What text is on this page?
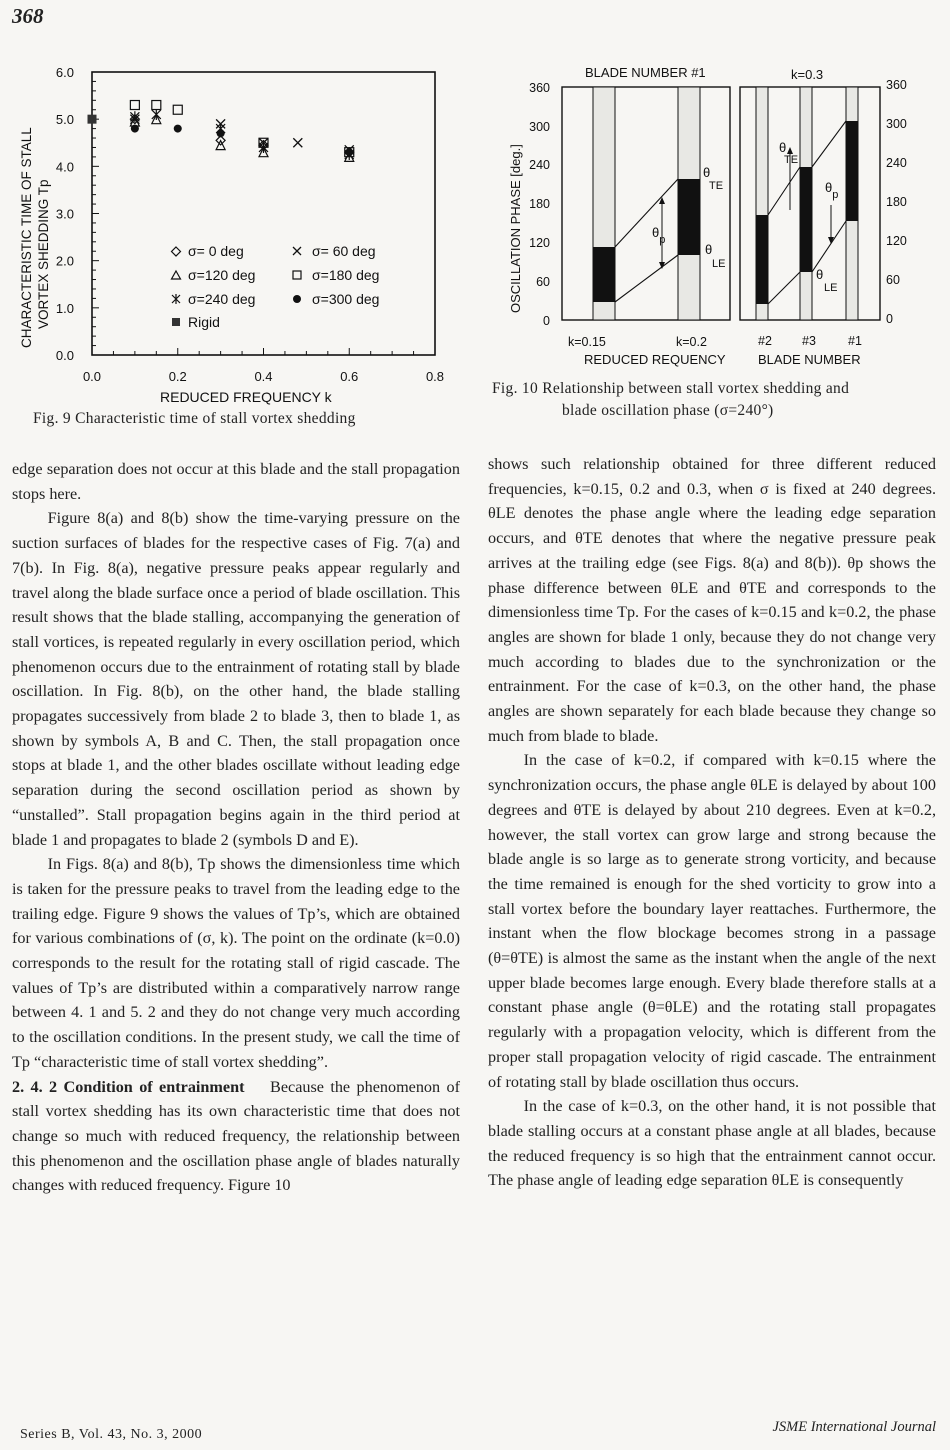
368
0.0
1.0
2.0
3.0
4.0
5.0
6.0
0.0	0.2	0.4	0.6	0.8
CHARACTERISTIC TIME OF STALL VORTEX SHEDDING Tp
REDUCED FREQUENCY k
σ= 0 deg	σ= 60 deg
σ=120 deg	σ=180 deg
σ=240 deg	σ=300 deg
Rigid
Fig. 9 Characteristic time of stall vortex shedding
BLADE NUMBER #1	k=0.3
OSCILLATION PHASE [deg.]
0
60
120
180
240
300
360
0
60
120
180
240
300
360
$\theta_p$
θ
TE
θ
LE
θ
TE
$\theta_p$
θ
LE
k=0.15	k=0.2	#2 #3	#1
REDUCED REQUENCY BLADE NUMBER
Fig. 10 Relationship between stall vortex shedding and
blade oscillation phase (σ=240°)

edge separation does not occur at this blade and the stall propagation stops here.

Figure 8(a) and 8(b) show the time-varying pressure on the suction surfaces of blades for the respective cases of Fig. 7(a) and 7(b). In Fig. 8(a), negative pressure peaks appear regularly and travel along the blade surface once a period of blade oscillation. This result shows that the blade stalling, accompanying the generation of stall vortices, is repeated regularly in every oscillation period, which phenomenon occurs due to the entrainment of rotating stall by blade oscillation. In Fig. 8(b), on the other hand, the blade stalling propagates successively from blade 2 to blade 3, then to blade 1, as shown by symbols A, B and C. Then, the stall propagation once stops at blade 1, and the other blades oscillate without leading edge separation during the second oscillation period as shown by “unstalled”. Stall propagation begins again in the third period at blade 1 and propagates to blade 2 (symbols D and E).

In Figs. 8(a) and 8(b), Tp shows the dimensionless time which is taken for the pressure peaks to travel from the leading edge to the trailing edge. Figure 9 shows the values of Tp’s, which are obtained for various combinations of (σ, k). The point on the ordinate (k=0.0) corresponds to the result for the rotating stall of rigid cascade. The values of Tp’s are distributed within a comparatively narrow range between 4. 1 and 5. 2 and they do not change very much according to the oscillation conditions. In the present study, we call the time of Tp “characteristic time of stall vortex shedding”.

2. 4. 2 Condition of entrainment Because the phenomenon of stall vortex shedding has its own characteristic time that does not change so much with reduced frequency, the relationship between this phenomenon and the oscillation phase angle of blades naturally changes with reduced frequency. Figure 10

shows such relationship obtained for three different reduced frequencies, k=0.15, 0.2 and 0.3, when σ is fixed at 240 degrees. θLE denotes the phase angle where the leading edge separation occurs, and θTE denotes that where the negative pressure peak arrives at the trailing edge (see Figs. 8(a) and 8(b)). θp shows the phase difference between θLE and θTE and corresponds to the dimensionless time Tp. For the cases of k=0.15 and k=0.2, the phase angles are shown for blade 1 only, because they do not change very much according to blades due to the synchronization or the entrainment. For the case of k=0.3, on the other hand, the phase angles are shown separately for each blade because they change so much from blade to blade.

In the case of k=0.2, if compared with k=0.15 where the synchronization occurs, the phase angle θLE is delayed by about 100 degrees and θTE is delayed by about 210 degrees. Even at k=0.2, however, the stall vortex can grow large and strong because the blade angle is so large as to generate strong vorticity, and because the time remained is enough for the shed vorticity to grow into a stall vortex before the boundary layer reattaches. Furthermore, the instant when the flow blockage becomes strong in a passage (θ=θTE) is almost the same as the instant when the angle of the next upper blade becomes large enough. Every blade therefore stalls at a constant phase angle (θ=θLE) and the rotating stall propagates regularly with a propagation velocity, which is different from the proper stall propagation velocity of rigid cascade. The entrainment of rotating stall by blade oscillation thus occurs.

In the case of k=0.3, on the other hand, it is not possible that blade stalling occurs at a constant phase angle at all blades, because the reduced frequency is so high that the entrainment cannot occur. The phase angle of leading edge separation θLE is consequently

Series B, Vol. 43, No. 3, 2000	JSME International Journal
